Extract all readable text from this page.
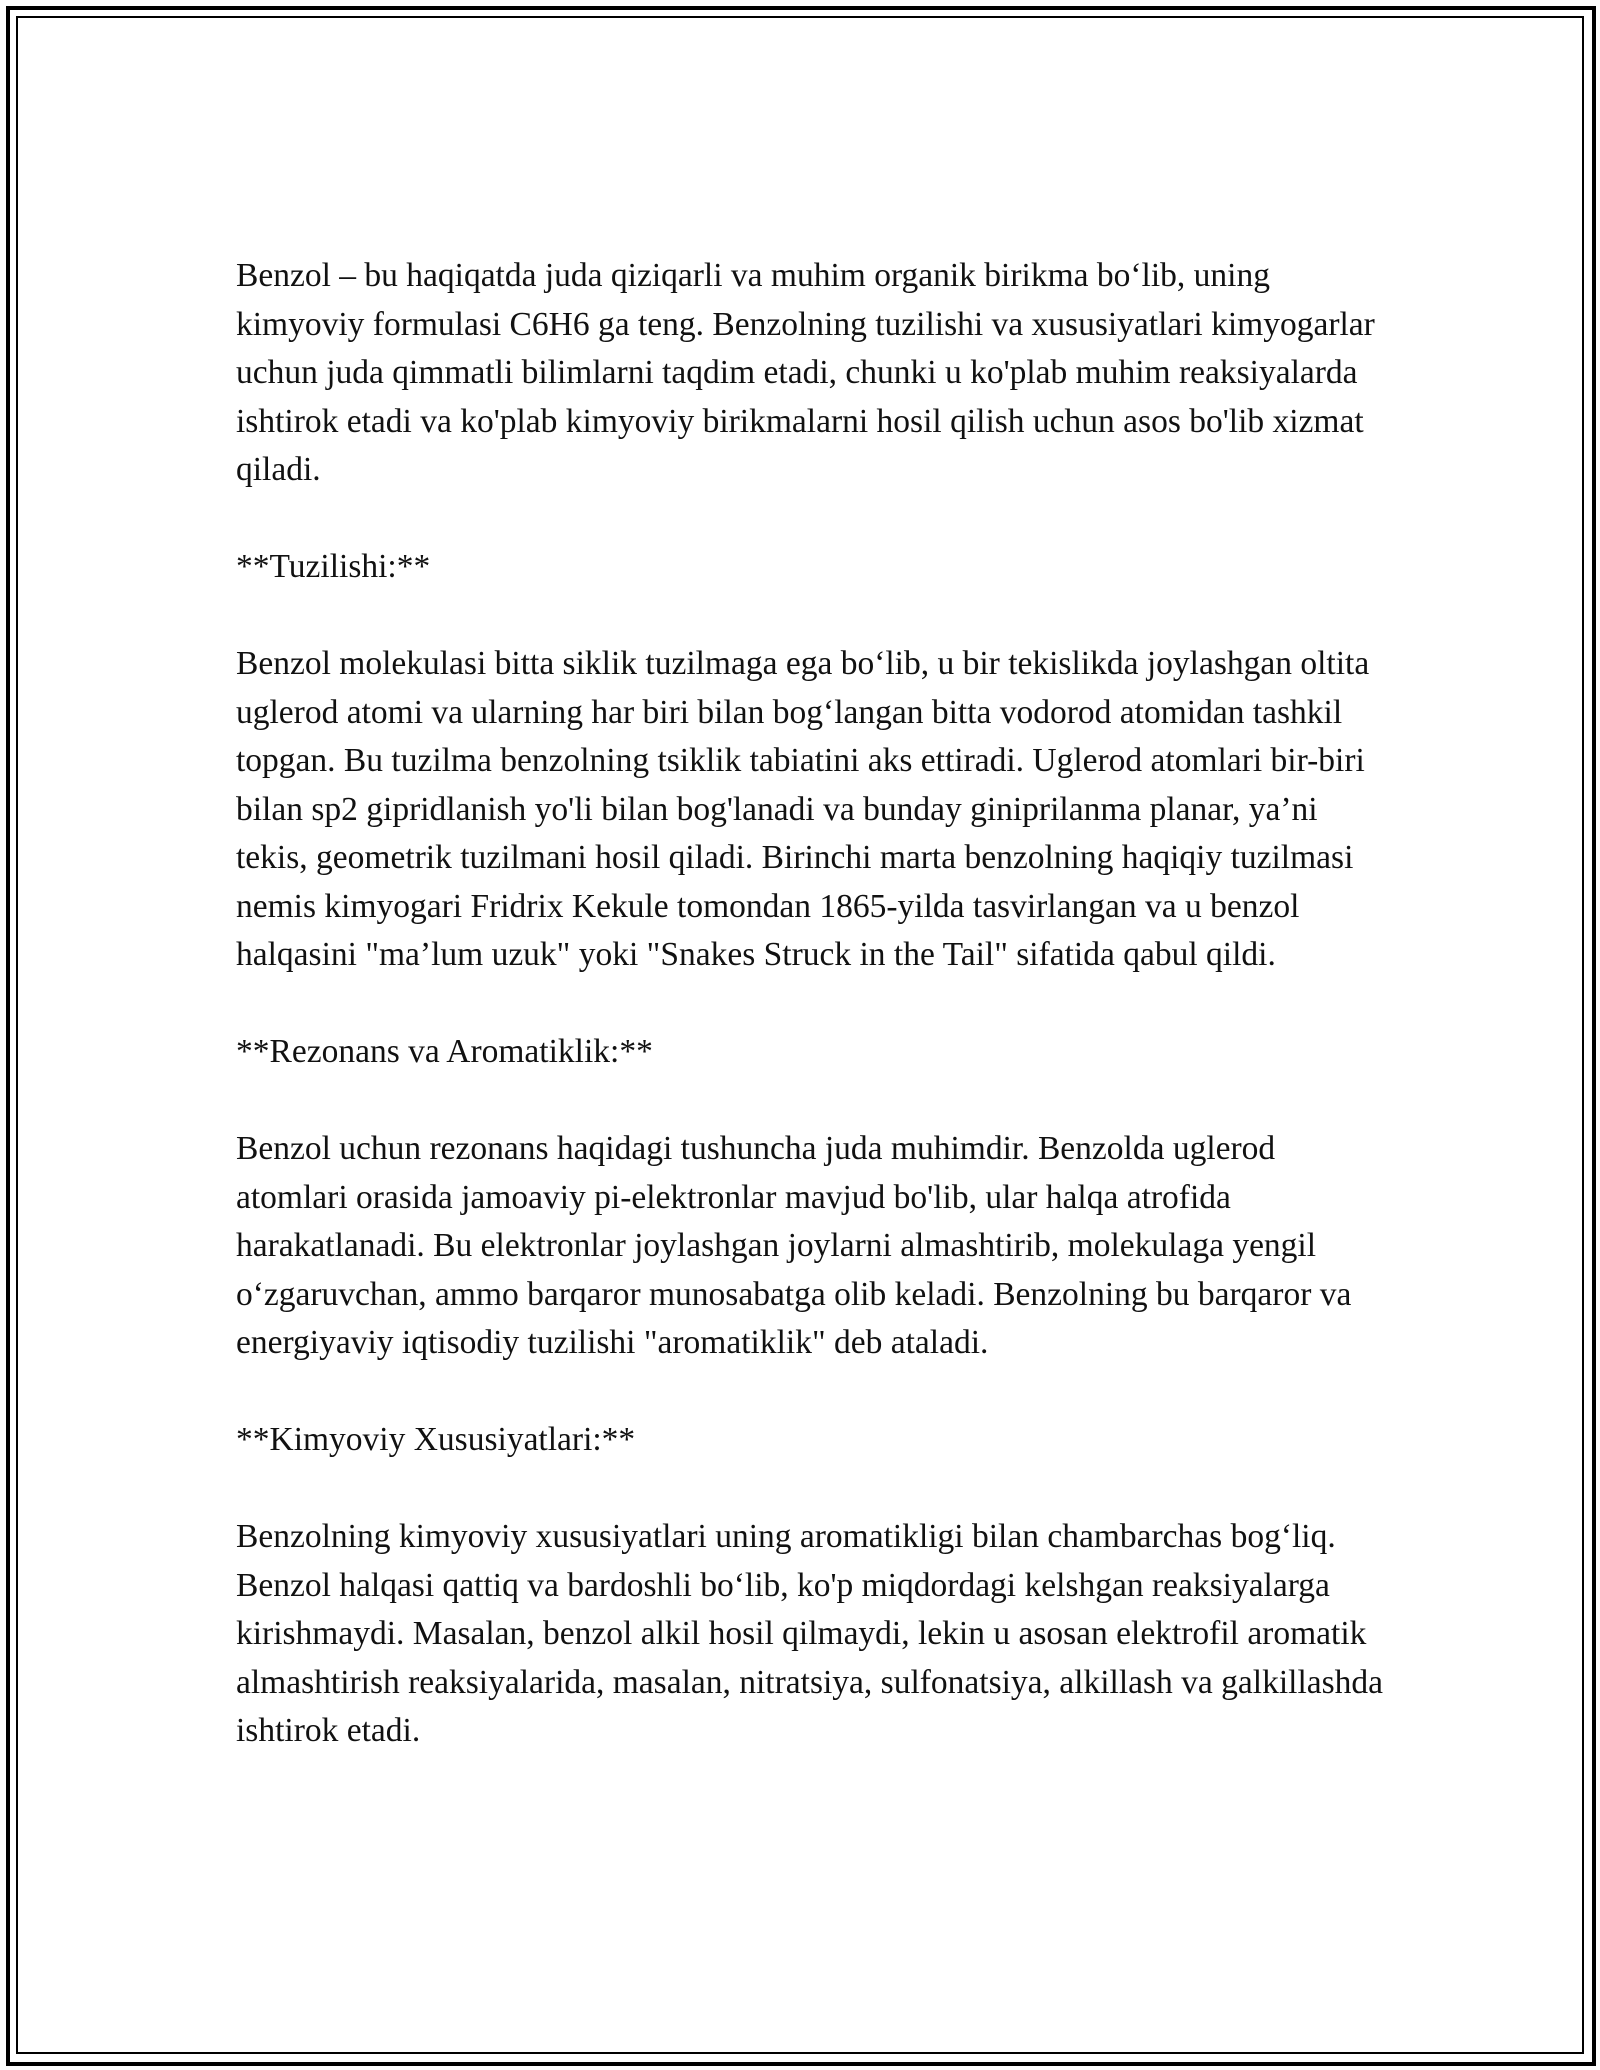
Benzol – bu haqiqatda juda qiziqarli va muhim organik birikma bo‘lib, uning kimyoviy formulasi C6H6 ga teng. Benzolning tuzilishi va xususiyatlari kimyogarlar uchun juda qimmatli bilimlarni taqdim etadi, chunki u ko'plab muhim reaksiyalarda ishtirok etadi va ko'plab kimyoviy birikmalarni hosil qilish uchun asos bo'lib xizmat qiladi.

**Tuzilishi:**

Benzol molekulasi bitta siklik tuzilmaga ega bo‘lib, u bir tekislikda joylashgan oltita uglerod atomi va ularning har biri bilan bog‘langan bitta vodorod atomidan tashkil topgan. Bu tuzilma benzolning tsiklik tabiatini aks ettiradi. Uglerod atomlari bir-biri bilan sp2 gipridlanish yo'li bilan bog'lanadi va bunday giniprilanma planar, ya’ni tekis, geometrik tuzilmani hosil qiladi. Birinchi marta benzolning haqiqiy tuzilmasi nemis kimyogari Fridrix Kekule tomondan 1865-yilda tasvirlangan va u benzol halqasini "ma’lum uzuk" yoki "Snakes Struck in the Tail" sifatida qabul qildi.

**Rezonans va Aromatiklik:**

Benzol uchun rezonans haqidagi tushuncha juda muhimdir. Benzolda uglerod atomlari orasida jamoaviy pi-elektronlar mavjud bo'lib, ular halqa atrofida harakatlanadi. Bu elektronlar joylashgan joylarni almashtirib, molekulaga yengil o‘zgaruvchan, ammo barqaror munosabatga olib keladi. Benzolning bu barqaror va energiyaviy iqtisodiy tuzilishi "aromatiklik" deb ataladi.

**Kimyoviy Xususiyatlari:**

Benzolning kimyoviy xususiyatlari uning aromatikligi bilan chambarchas bog‘liq. Benzol halqasi qattiq va bardoshli bo‘lib, ko'p miqdordagi kelshgan reaksiyalarga kirishmaydi. Masalan, benzol alkil hosil qilmaydi, lekin u asosan elektrofil aromatik almashtirish reaksiyalarida, masalan, nitratsiya, sulfonatsiya, alkillash va galkillashda ishtirok etadi.
